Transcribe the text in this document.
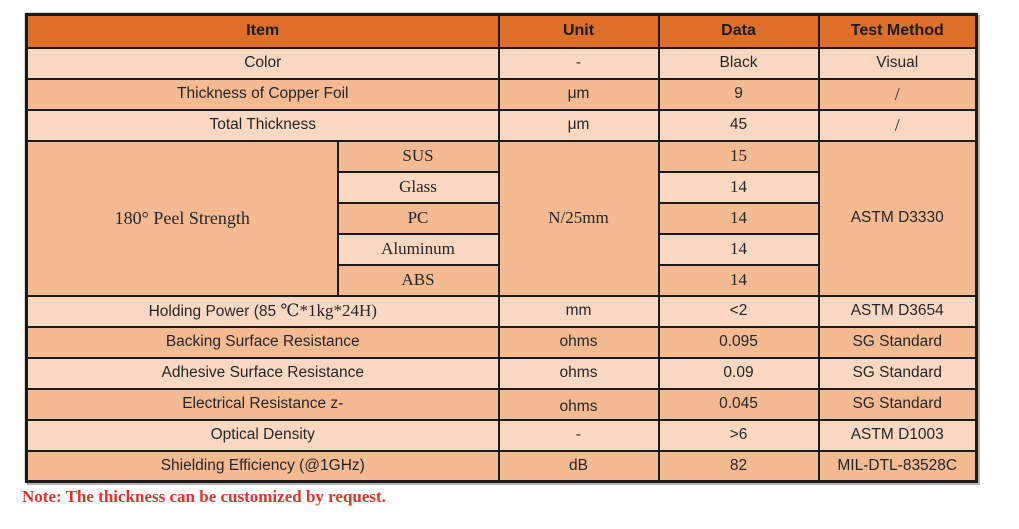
Item		Unit	Data	Test Method
Color		-	Black	Visual
Thickness of Copper Foil		μm	9	/
Total Thickness		μm	45	/
180° Peel Strength	SUS	N/25mm	15	ASTM D3330
	Glass		14	
	PC		14	
	Aluminum		14	
	ABS		14	
Holding Power (85 ℃*1kg*24H)		mm	<2	ASTM D3654
Backing Surface Resistance		ohms	0.095	SG Standard
Adhesive Surface Resistance		ohms	0.09	SG Standard
Electrical Resistance z-		ohms	0.045	SG Standard
Optical Density		-	>6	ASTM D1003
Shielding Efficiency (@1GHz)		dB	82	MIL-DTL-83528C
Note: The thickness can be customized by request.
